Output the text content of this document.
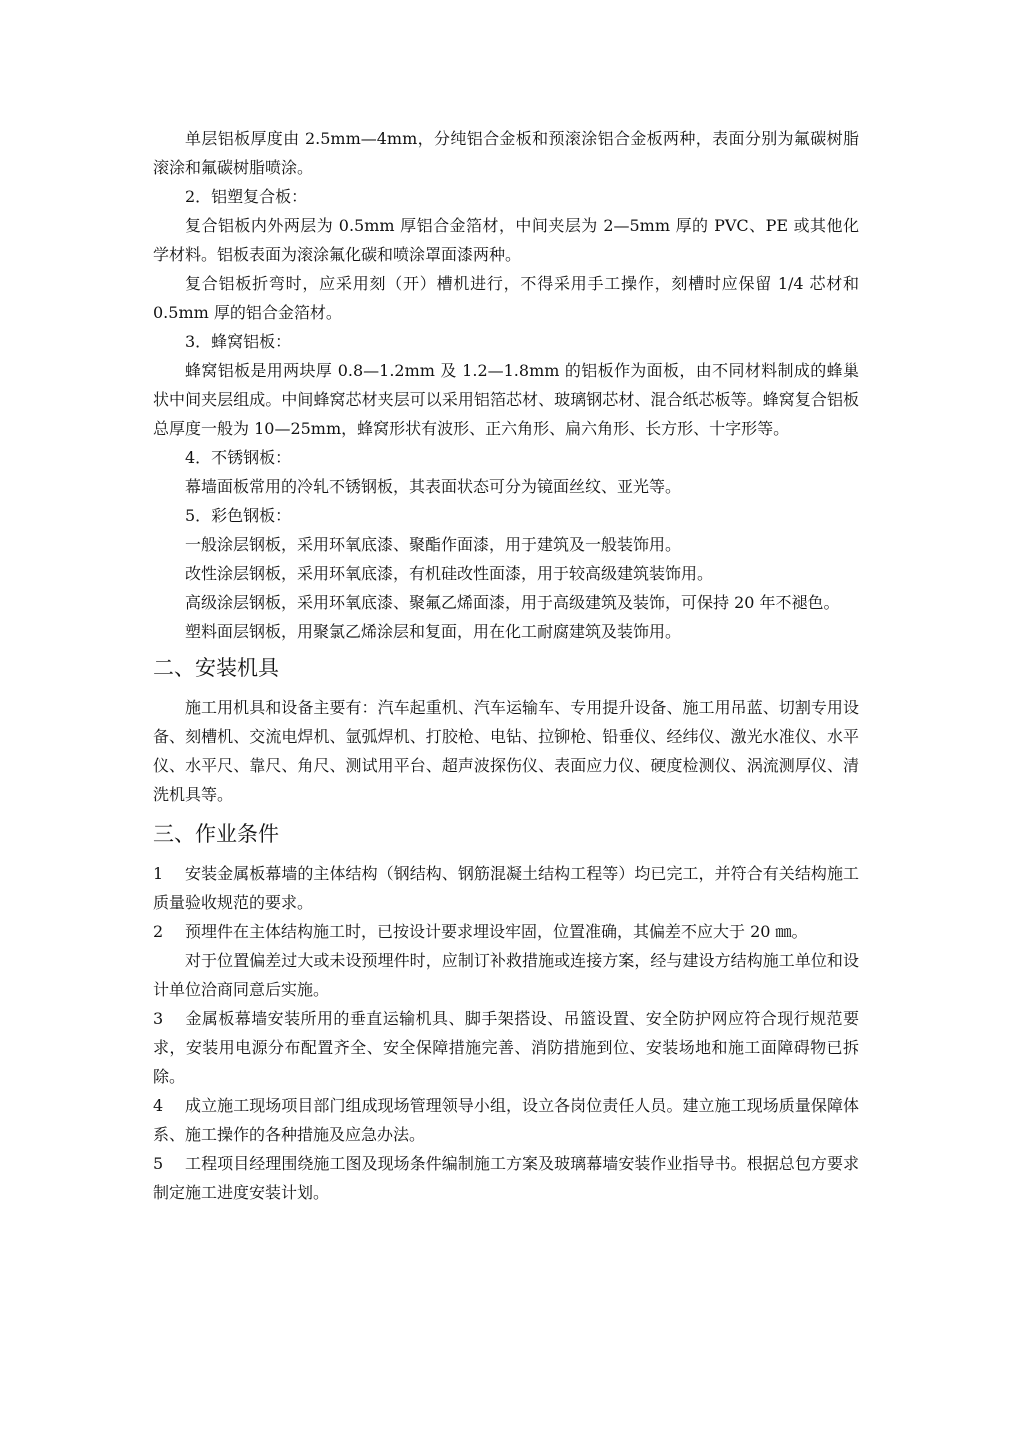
单层铝板厚度由 2.5mm—4mm，分纯铝合金板和预滚涂铝合金板两种，表面分别为氟碳树脂滚涂和氟碳树脂喷涂。

2．铝塑复合板：

复合铝板内外两层为 0.5mm 厚铝合金箔材，中间夹层为 2—5mm 厚的 PVC、PE 或其他化学材料。铝板表面为滚涂氟化碳和喷涂罩面漆两种。

复合铝板折弯时，应采用刻（开）槽机进行，不得采用手工操作，刻槽时应保留 1/4 芯材和 0.5mm 厚的铝合金箔材。

3．蜂窝铝板：

蜂窝铝板是用两块厚 0.8—1.2mm 及 1.2—1.8mm 的铝板作为面板，由不同材料制成的蜂巢状中间夹层组成。中间蜂窝芯材夹层可以采用铝箔芯材、玻璃钢芯材、混合纸芯板等。蜂窝复合铝板总厚度一般为 10—25mm，蜂窝形状有波形、正六角形、扁六角形、长方形、十字形等。

4．不锈钢板：

幕墙面板常用的冷轧不锈钢板，其表面状态可分为镜面丝纹、亚光等。

5．彩色钢板：

一般涂层钢板，采用环氧底漆、聚酯作面漆，用于建筑及一般装饰用。

改性涂层钢板，采用环氧底漆，有机硅改性面漆，用于较高级建筑装饰用。

高级涂层钢板，采用环氧底漆、聚氟乙烯面漆，用于高级建筑及装饰，可保持 20 年不褪色。

塑料面层钢板，用聚氯乙烯涂层和复面，用在化工耐腐建筑及装饰用。

二、安装机具

施工用机具和设备主要有：汽车起重机、汽车运输车、专用提升设备、施工用吊蓝、切割专用设备、刻槽机、交流电焊机、氩弧焊机、打胶枪、电钻、拉铆枪、铅垂仪、经纬仪、激光水准仪、水平仪、水平尺、靠尺、角尺、测试用平台、超声波探伤仪、表面应力仪、硬度检测仪、涡流测厚仪、清洗机具等。

三、作业条件

1 安装金属板幕墙的主体结构（钢结构、钢筋混凝土结构工程等）均已完工，并符合有关结构施工质量验收规范的要求。

2 预埋件在主体结构施工时，已按设计要求埋设牢固，位置准确，其偏差不应大于 20 ㎜。

对于位置偏差过大或未设预埋件时，应制订补救措施或连接方案，经与建设方结构施工单位和设计单位洽商同意后实施。

3 金属板幕墙安装所用的垂直运输机具、脚手架搭设、吊篮设置、安全防护网应符合现行规范要求，安装用电源分布配置齐全、安全保障措施完善、消防措施到位、安装场地和施工面障碍物已拆除。

4 成立施工现场项目部门组成现场管理领导小组，设立各岗位责任人员。建立施工现场质量保障体系、施工操作的各种措施及应急办法。

5 工程项目经理围绕施工图及现场条件编制施工方案及玻璃幕墙安装作业指导书。根据总包方要求制定施工进度安装计划。
